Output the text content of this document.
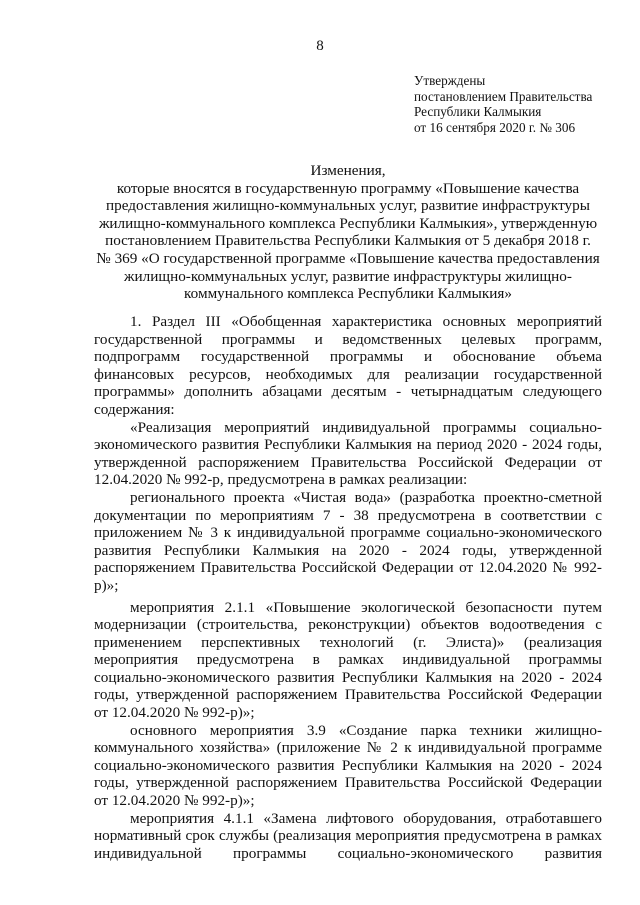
8
Утверждены
постановлением Правительства
Республики Калмыкия
от 16 сентября 2020 г. № 306
Изменения,
которые вносятся в государственную программу «Повышение качества
предоставления жилищно-коммунальных услуг, развитие инфраструктуры
жилищно-коммунального комплекса Республики Калмыкия», утвержденную
постановлением Правительства Республики Калмыкия от 5 декабря 2018 г.
№ 369 «О государственной программе «Повышение качества предоставления
жилищно-коммунальных услуг, развитие инфраструктуры жилищно-
коммунального комплекса Республики Калмыкия»
1. Раздел III «Обобщенная характеристика основных мероприятий
государственной программы и ведомственных целевых программ,
подпрограмм государственной программы и обоснование объема
финансовых ресурсов, необходимых для реализации государственной
программы» дополнить абзацами десятым - четырнадцатым следующего
содержания:
«Реализация мероприятий индивидуальной программы социально-
экономического развития Республики Калмыкия на период 2020 - 2024 годы,
утвержденной распоряжением Правительства Российской Федерации от
12.04.2020 № 992-р, предусмотрена в рамках реализации:
регионального проекта «Чистая вода» (разработка проектно-сметной
документации по мероприятиям 7 - 38 предусмотрена в соответствии с
приложением № 3 к индивидуальной программе социально-экономического
развития Республики Калмыкия на 2020 - 2024 годы, утвержденной
распоряжением Правительства Российской Федерации от 12.04.2020 № 992-
р)»;
мероприятия 2.1.1 «Повышение экологической безопасности путем
модернизации (строительства, реконструкции) объектов водоотведения с
применением перспективных технологий (г. Элиста)» (реализация
мероприятия предусмотрена в рамках индивидуальной программы
социально-экономического развития Республики Калмыкия на 2020 - 2024
годы, утвержденной распоряжением Правительства Российской Федерации
от 12.04.2020 № 992-р)»;
основного мероприятия 3.9 «Создание парка техники жилищно-
коммунального хозяйства» (приложение № 2 к индивидуальной программе
социально-экономического развития Республики Калмыкия на 2020 - 2024
годы, утвержденной распоряжением Правительства Российской Федерации
от 12.04.2020 № 992-р)»;
мероприятия 4.1.1 «Замена лифтового оборудования, отработавшего
нормативный срок службы (реализация мероприятия предусмотрена в рамках
индивидуальной программы социально-экономического развития
